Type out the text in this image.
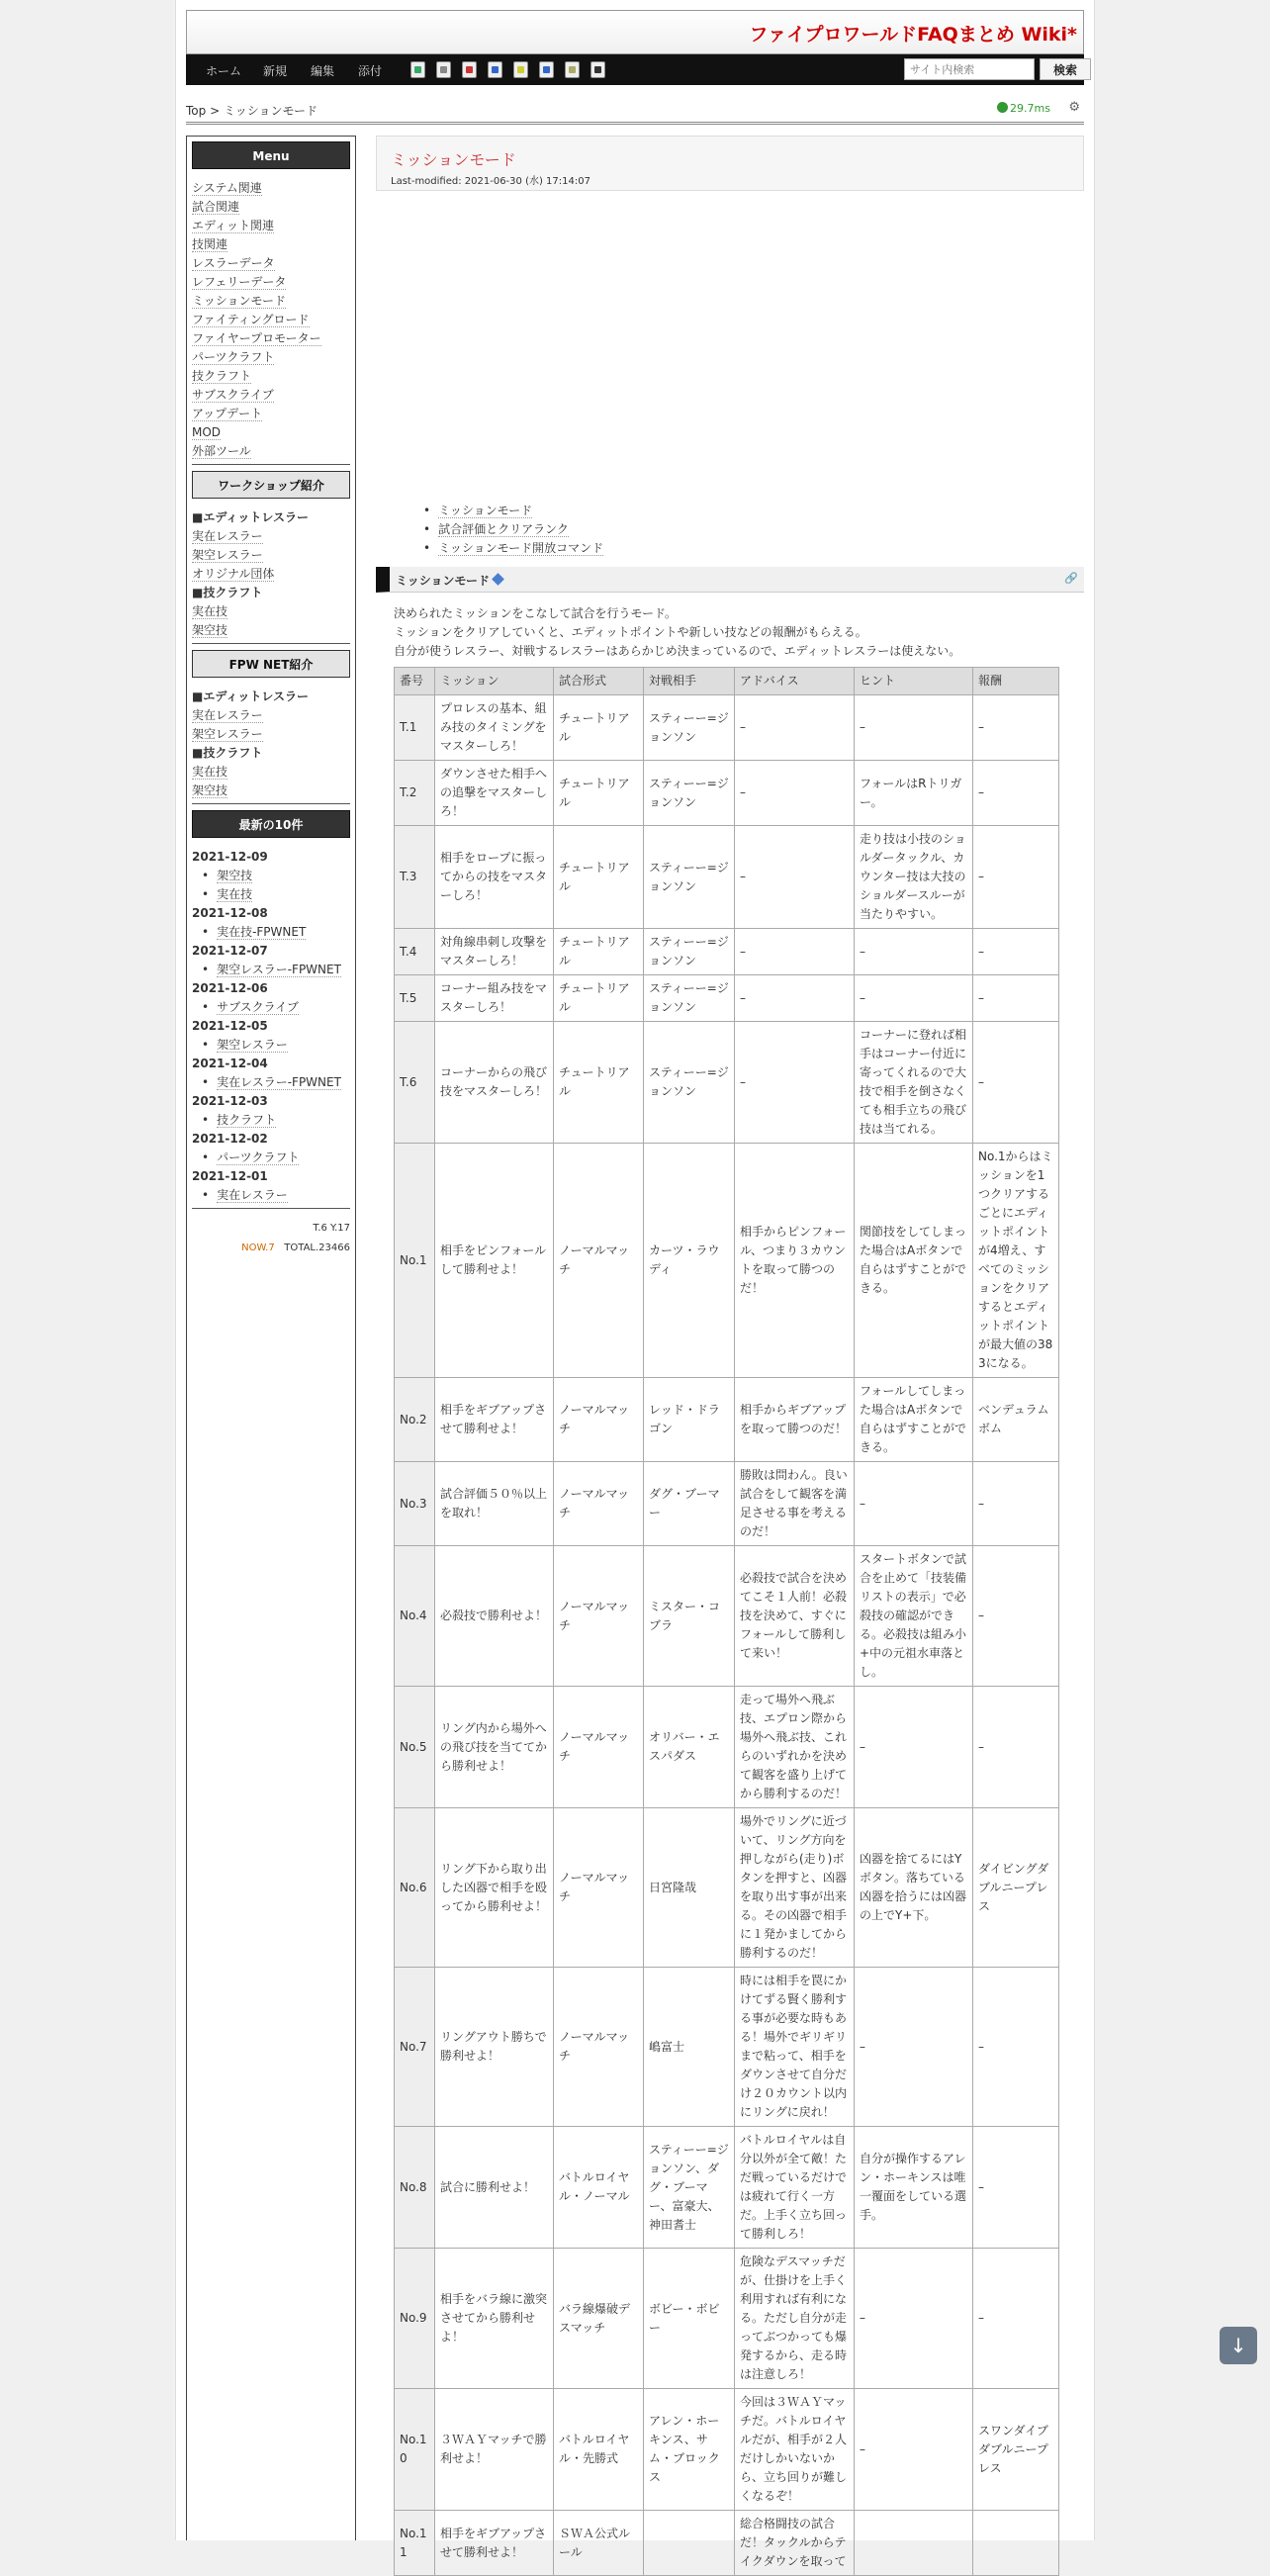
ファイプロワールドFAQまとめ Wiki*
ホーム 新規 編集 添付
サイト内検索	検索
Top > ミッションモード	29.7ms ⚙
Menu
システム関連
試合関連
エディット関連
技関連
レスラーデータ
レフェリーデータ
ミッションモード
ファイティングロード
ファイヤープロモーター
パーツクラフト
技クラフト
サブスクライブ
アップデート
MOD
外部ツール
ワークショップ紹介
■エディットレスラー
実在レスラー
架空レスラー
オリジナル団体
■技クラフト
実在技
架空技
FPW NET紹介
■エディットレスラー
実在レスラー
架空レスラー
■技クラフト
実在技
架空技
最新の10件
2021-12-09
• 架空技
• 実在技
2021-12-08
• 実在技-FPWNET
2021-12-07
• 架空レスラー-FPWNET
2021-12-06
• サブスクライブ
2021-12-05
• 架空レスラー
2021-12-04
• 実在レスラー-FPWNET
2021-12-03
• 技クラフト
2021-12-02
• パーツクラフト
2021-12-01
• 実在レスラー
T.6 Y.17
NOW.7 TOTAL.23466
ミッションモード
Last-modified: 2021-06-30 (水) 17:14:07
• ミッションモード
• 試合評価とクリアランク
• ミッションモード開放コマンド
ミッションモード	🔗
決められたミッションをこなして試合を行うモード。
ミッションをクリアしていくと、エディットポイントや新しい技などの報酬がもらえる。
自分が使うレスラー、対戦するレスラーはあらかじめ決まっているので、エディットレスラーは使えない。
番号	ミッション	試合形式	対戦相手	アドバイス	ヒント	報酬
T.1	プロレスの基本、組み技のタイミングをマスターしろ！	チュートリアル	スティーー=ジョンソン	–	–	–
T.2	ダウンさせた相手への追撃をマスターしろ！	チュートリアル	スティーー=ジョンソン	–	フォールはRトリガー。	–
T.3	相手をロープに振ってからの技をマスターしろ！	チュートリアル	スティーー=ジョンソン	–	走り技は小技のショルダータックル、カウンター技は大技のショルダースルーが当たりやすい。	–
T.4	対角線串刺し攻撃をマスターしろ！	チュートリアル	スティーー=ジョンソン	–	–	–
T.5	コーナー組み技をマスターしろ！	チュートリアル	スティーー=ジョンソン	–	–	–
T.6	コーナーからの飛び技をマスターしろ！	チュートリアル	スティーー=ジョンソン	–	コーナーに登れば相手はコーナー付近に寄ってくれるので大技で相手を倒さなくても相手立ちの飛び技は当てれる。	–
No.1	相手をピンフォールして勝利せよ！	ノーマルマッチ	カーツ・ラウディ	相手からピンフォール、つまり３カウントを取って勝つのだ！	関節技をしてしまった場合はAボタンで自らはずすことができる。	No.1からはミッションを1つクリアするごとにエディットポイントが4増え、すべてのミッションをクリアするとエディットポイントが最大値の383になる。
No.2	相手をギブアップさせて勝利せよ！	ノーマルマッチ	レッド・ドラゴン	相手からギブアップを取って勝つのだ！	フォールしてしまった場合はAボタンで自らはずすことができる。	ベンデュラムボム
No.3	試合評価５０％以上を取れ！	ノーマルマッチ	ダグ・ブーマー	勝敗は問わん。良い試合をして観客を満足させる事を考えるのだ！	–	–
No.4	必殺技で勝利せよ！	ノーマルマッチ	ミスター・コブラ	必殺技で試合を決めてこそ１人前！必殺技を決めて、すぐにフォールして勝利して来い！	スタートボタンで試合を止めて「技装備リストの表示」で必殺技の確認ができる。必殺技は組み小+中の元祖水車落とし。	–
No.5	リング内から場外への飛び技を当ててから勝利せよ！	ノーマルマッチ	オリバー・エスパダス	走って場外へ飛ぶ技、エプロン際から場外へ飛ぶ技、これらのいずれかを決めて観客を盛り上げてから勝利するのだ！	–	–
No.6	リング下から取り出した凶器で相手を殴ってから勝利せよ！	ノーマルマッチ	日宮隆哉	場外でリングに近づいて、リング方向を押しながら(走り)ボタンを押すと、凶器を取り出す事が出来る。その凶器で相手に１発かましてから勝利するのだ！	凶器を捨てるにはYボタン。落ちている凶器を拾うには凶器の上でY+下。	ダイビングダブルニープレス
No.7	リングアウト勝ちで勝利せよ！	ノーマルマッチ	嶋富士	時には相手を罠にかけてずる賢く勝利する事が必要な時もある！場外でギリギリまで粘って、相手をダウンさせて自分だけ２０カウント以内にリングに戻れ！	–	–
No.8	試合に勝利せよ！	バトルロイヤル・ノーマル	スティーー=ジョンソン、ダグ・ブーマー、富豪大、神田耆士	バトルロイヤルは自分以外が全て敵！ただ戦っているだけでは疲れて行く一方だ。上手く立ち回って勝利しろ！	自分が操作するアレン・ホーキンスは唯一覆面をしている選手。	–
No.9	相手をバラ線に激突させてから勝利せよ！	バラ線爆破デスマッチ	ボビー・ボビー	危険なデスマッチだが、仕掛けを上手く利用すれば有利になる。ただし自分が走ってぶつかっても爆発するから、走る時は注意しろ！	–	–
No.10	３ＷＡＹマッチで勝利せよ！	バトルロイヤル・先勝式	アレン・ホーキンス、サム・ブロックス	今回は３ＷＡＹマッチだ。バトルロイヤルだが、相手が２人だけしかいないから、立ち回りが難しくなるぞ！	–	スワンダイブダブルニープレス
No.11	相手をギブアップさせて勝利せよ！	ＳＷＡ公式ルール		総合格闘技の試合だ！タックルからテイクダウンを取って		
↓
